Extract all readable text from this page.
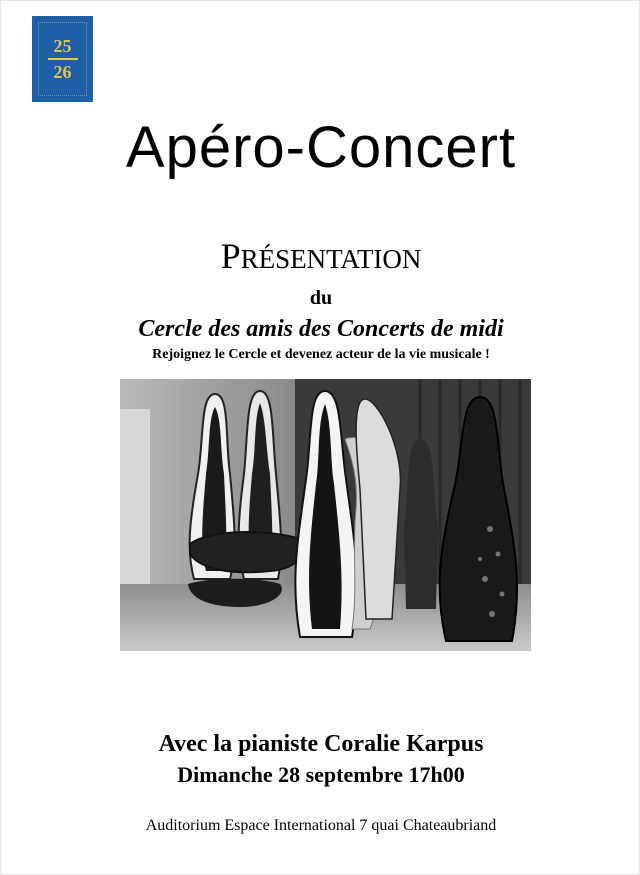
25
26
Apéro-Concert
PRÉSENTATION
du
Cercle des amis des Concerts de midi
Rejoignez le Cercle et devenez acteur de la vie musicale !
Avec la pianiste Coralie Karpus
Dimanche 28 septembre 17h00
Auditorium Espace International 7 quai Chateaubriand
